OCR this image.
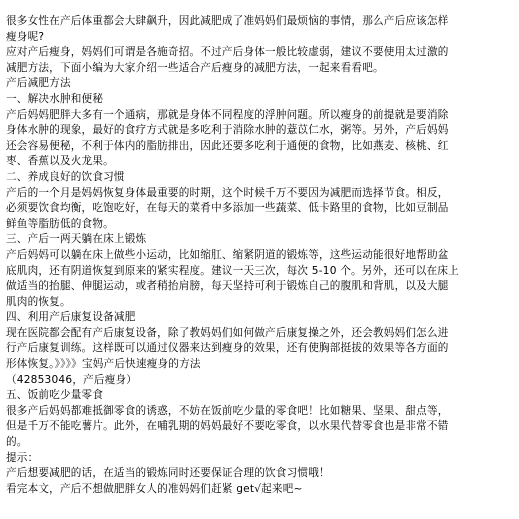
很多女性在产后体重都会大肆飙升，因此减肥成了准妈妈们最烦恼的事情，那么产后应该怎样
瘦身呢?
应对产后瘦身，妈妈们可谓是各施奇招。不过产后身体一般比较虚弱，建议不要使用太过激的
减肥方法，下面小编为大家介绍一些适合产后瘦身的减肥方法，一起来看看吧。
产后减肥方法
一、解决水肿和便秘
产后妈妈肥胖大多有一个通病，那就是身体不同程度的浮肿问题。所以瘦身的前提就是要消除
身体水肿的现象，最好的食疗方式就是多吃利于消除水肿的薏苡仁水，粥等。另外，产后妈妈
还会容易便秘，不利于体内的脂肪排出，因此还要多吃利于通便的食物，比如燕麦、核桃、红
枣、香蕉以及火龙果。
二、养成良好的饮食习惯
产后的一个月是妈妈恢复身体最重要的时期，这个时候千万不要因为减肥而选择节食。相反，
必须要饮食均衡，吃饱吃好，在每天的菜肴中多添加一些蔬菜、低卡路里的食物，比如豆制品
鲜鱼等脂肪低的食物。
三、产后一两天躺在床上锻炼
产后妈妈可以躺在床上做些小运动，比如缩肛、缩紧阴道的锻炼等，这些运动能很好地帮助盆
底肌肉，还有阴道恢复到原来的紧实程度。建议一天三次，每次 5-10 个。另外，还可以在床上
做适当的抬腿、伸腿运动，或者稍抬肩膀，每天坚持可利于锻炼自己的腹肌和背肌，以及大腿
肌肉的恢复。
四、利用产后康复设备减肥
现在医院都会配有产后康复设备，除了教妈妈们如何做产后康复操之外，还会教妈妈们怎么进
行产后康复训练。这样既可以通过仪器来达到瘦身的效果，还有使胸部挺拔的效果等各方面的
形体恢复。》》》》宝妈产后快速瘦身的方法
（42853046，产后瘦身）
五、饭前吃少量零食
很多产后妈妈都难抵御零食的诱惑，不妨在饭前吃少量的零食吧！比如糖果、坚果、甜点等，
但是千万不能吃薯片。此外，在哺乳期的妈妈最好不要吃零食，以水果代替零食也是非常不错
的。
提示：
产后想要减肥的话，在适当的锻炼同时还要保证合理的饮食习惯哦！
看完本文，产后不想做肥胖女人的准妈妈们赶紧 get√起来吧~
